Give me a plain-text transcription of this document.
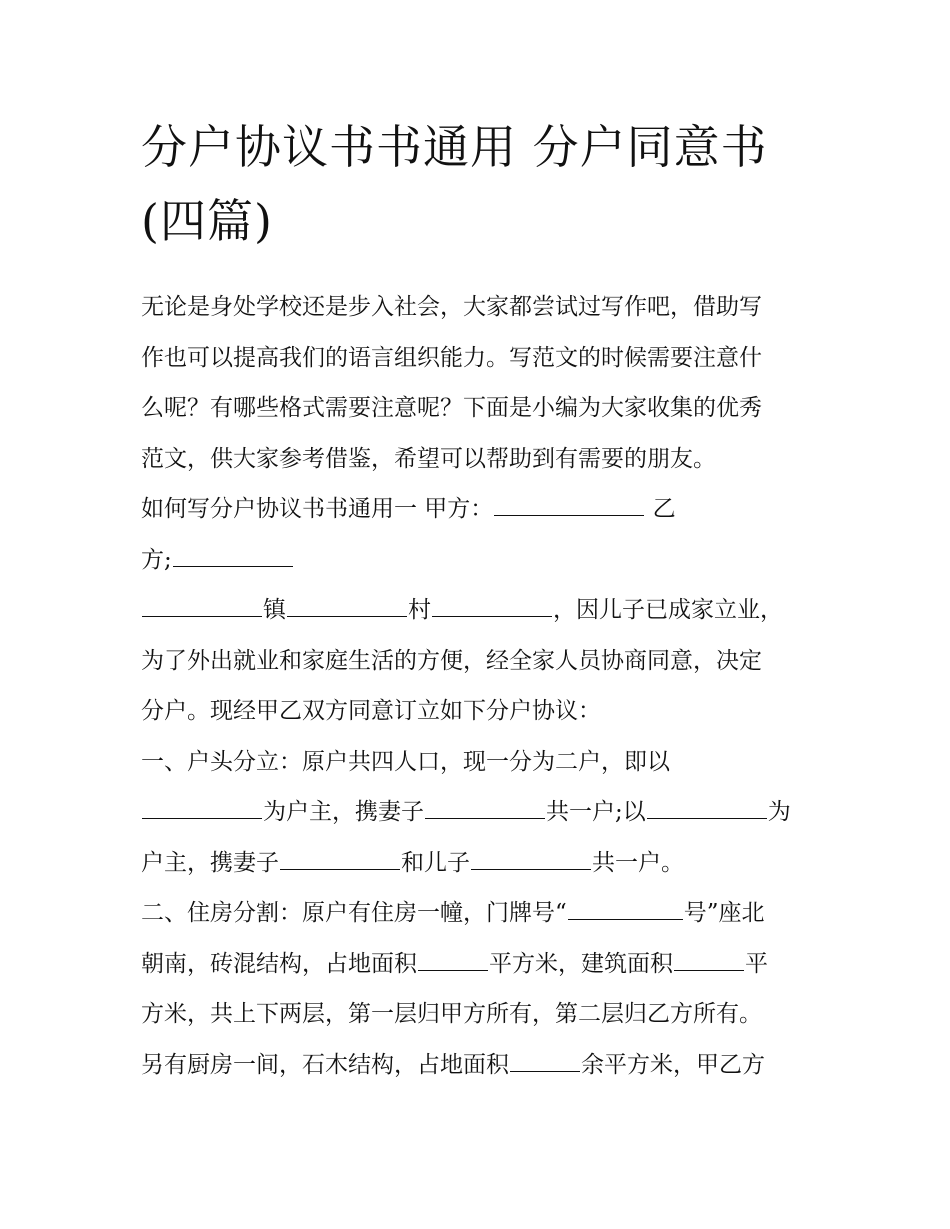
分户协议书书通用 分户同意书
(四篇)
无论是身处学校还是步入社会，大家都尝试过写作吧，借助写
作也可以提高我们的语言组织能力。写范文的时候需要注意什
么呢？有哪些格式需要注意呢？下面是小编为大家收集的优秀
范文，供大家参考借鉴，希望可以帮助到有需要的朋友。
如何写分户协议书书通用一 甲方：	乙
方;
镇	村	，因儿子已成家立业，
为了外出就业和家庭生活的方便，经全家人员协商同意，决定
分户。现经甲乙双方同意订立如下分户协议：
一、户头分立：原户共四人口，现一分为二户，即以
为户主，携妻子	共一户;以	为
户主，携妻子	和儿子	共一户。
二、住房分割：原户有住房一幢，门牌号“	号”座北
朝南，砖混结构，占地面积	平方米，建筑面积	平
方米，共上下两层，第一层归甲方所有，第二层归乙方所有。
另有厨房一间，石木结构，占地面积	余平方米，甲乙方
